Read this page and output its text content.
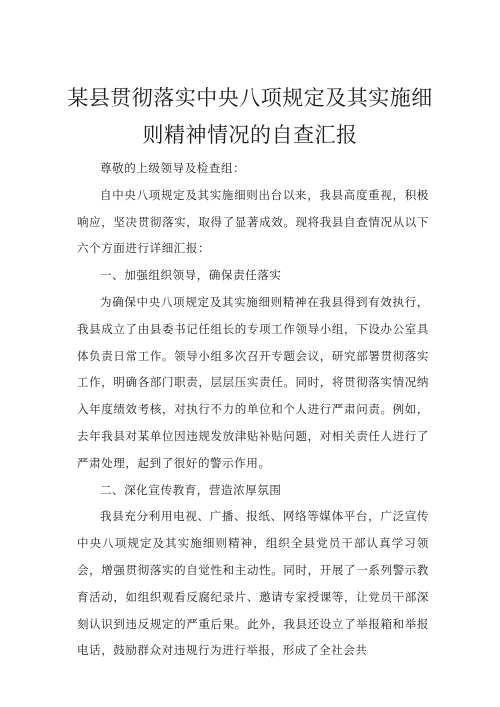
某县贯彻落实中央八项规定及其实施细
则精神情况的自查汇报

尊敬的上级领导及检查组：

自中央八项规定及其实施细则出台以来，我县高度重视，积极响应，坚决贯彻落实，取得了显著成效。现将我县自查情况从以下六个方面进行详细汇报：

一、加强组织领导，确保责任落实

为确保中央八项规定及其实施细则精神在我县得到有效执行，我县成立了由县委书记任组长的专项工作领导小组，下设办公室具体负责日常工作。领导小组多次召开专题会议，研究部署贯彻落实工作，明确各部门职责，层层压实责任。同时，将贯彻落实情况纳入年度绩效考核，对执行不力的单位和个人进行严肃问责。例如，去年我县对某单位因违规发放津贴补贴问题，对相关责任人进行了严肃处理，起到了很好的警示作用。

二、深化宣传教育，营造浓厚氛围

我县充分利用电视、广播、报纸、网络等媒体平台，广泛宣传中央八项规定及其实施细则精神，组织全县党员干部认真学习领会，增强贯彻落实的自觉性和主动性。同时，开展了一系列警示教育活动，如组织观看反腐纪录片、邀请专家授课等，让党员干部深刻认识到违反规定的严重后果。此外，我县还设立了举报箱和举报电话，鼓励群众对违规行为进行举报，形成了全社会共
